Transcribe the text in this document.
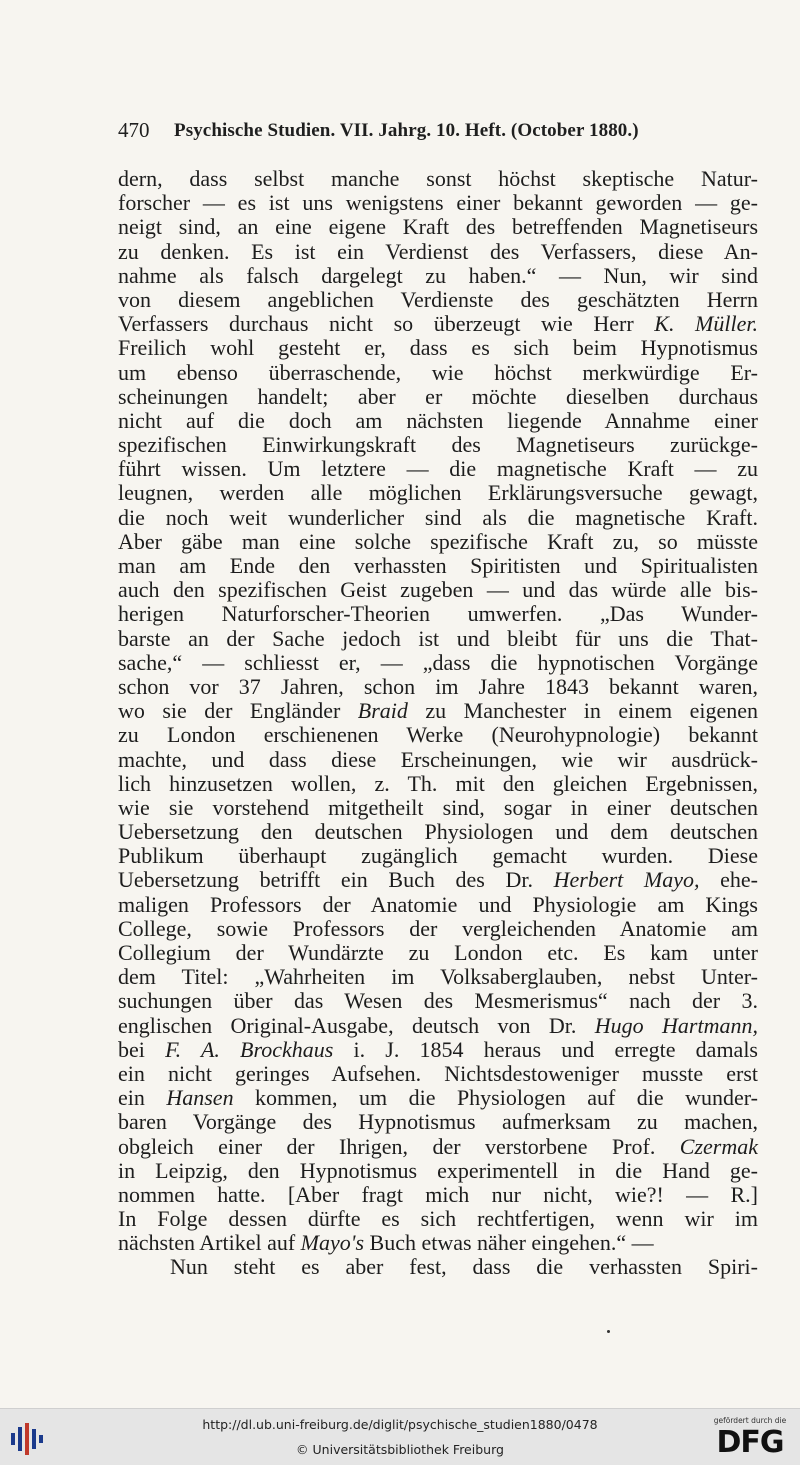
470 Psychische Studien. VII. Jahrg. 10. Heft. (October 1880.)
dern, dass selbst manche sonst höchst skeptische Natur-
forscher — es ist uns wenigstens einer bekannt geworden — ge-
neigt sind, an eine eigene Kraft des betreffenden Magnetiseurs
zu denken. Es ist ein Verdienst des Verfassers, diese An-
nahme als falsch dargelegt zu haben.“ — Nun, wir sind
von diesem angeblichen Verdienste des geschätzten Herrn
Verfassers durchaus nicht so überzeugt wie Herr K. Müller.
Freilich wohl gesteht er, dass es sich beim Hypnotismus
um ebenso überraschende, wie höchst merkwürdige Er-
scheinungen handelt; aber er möchte dieselben durchaus
nicht auf die doch am nächsten liegende Annahme einer
spezifischen Einwirkungskraft des Magnetiseurs zurückge-
führt wissen. Um letztere — die magnetische Kraft — zu
leugnen, werden alle möglichen Erklärungsversuche gewagt,
die noch weit wunderlicher sind als die magnetische Kraft.
Aber gäbe man eine solche spezifische Kraft zu, so müsste
man am Ende den verhassten Spiritisten und Spiritualisten
auch den spezifischen Geist zugeben — und das würde alle bis-
herigen Naturforscher-Theorien umwerfen. „Das Wunder-
barste an der Sache jedoch ist und bleibt für uns die That-
sache,“ — schliesst er, — „dass die hypnotischen Vorgänge
schon vor 37 Jahren, schon im Jahre 1843 bekannt waren,
wo sie der Engländer Braid zu Manchester in einem eigenen
zu London erschienenen Werke (Neurohypnologie) bekannt
machte, und dass diese Erscheinungen, wie wir ausdrück-
lich hinzusetzen wollen, z. Th. mit den gleichen Ergebnissen,
wie sie vorstehend mitgetheilt sind, sogar in einer deutschen
Uebersetzung den deutschen Physiologen und dem deutschen
Publikum überhaupt zugänglich gemacht wurden. Diese
Uebersetzung betrifft ein Buch des Dr. Herbert Mayo, ehe-
maligen Professors der Anatomie und Physiologie am Kings
College, sowie Professors der vergleichenden Anatomie am
Collegium der Wundärzte zu London etc. Es kam unter
dem Titel: „Wahrheiten im Volksaberglauben, nebst Unter-
suchungen über das Wesen des Mesmerismus“ nach der 3.
englischen Original-Ausgabe, deutsch von Dr. Hugo Hartmann,
bei F. A. Brockhaus i. J. 1854 heraus und erregte damals
ein nicht geringes Aufsehen. Nichtsdestoweniger musste erst
ein Hansen kommen, um die Physiologen auf die wunder-
baren Vorgänge des Hypnotismus aufmerksam zu machen,
obgleich einer der Ihrigen, der verstorbene Prof. Czermak
in Leipzig, den Hypnotismus experimentell in die Hand ge-
nommen hatte. [Aber fragt mich nur nicht, wie?! — R.]
In Folge dessen dürfte es sich rechtfertigen, wenn wir im
nächsten Artikel auf Mayo's Buch etwas näher eingehen.“ —
Nun steht es aber fest, dass die verhassten Spiri-
http://dl.ub.uni-freiburg.de/diglit/psychische_studien1880/0478
© Universitätsbibliothek Freiburg
gefördert durch die
DFG
